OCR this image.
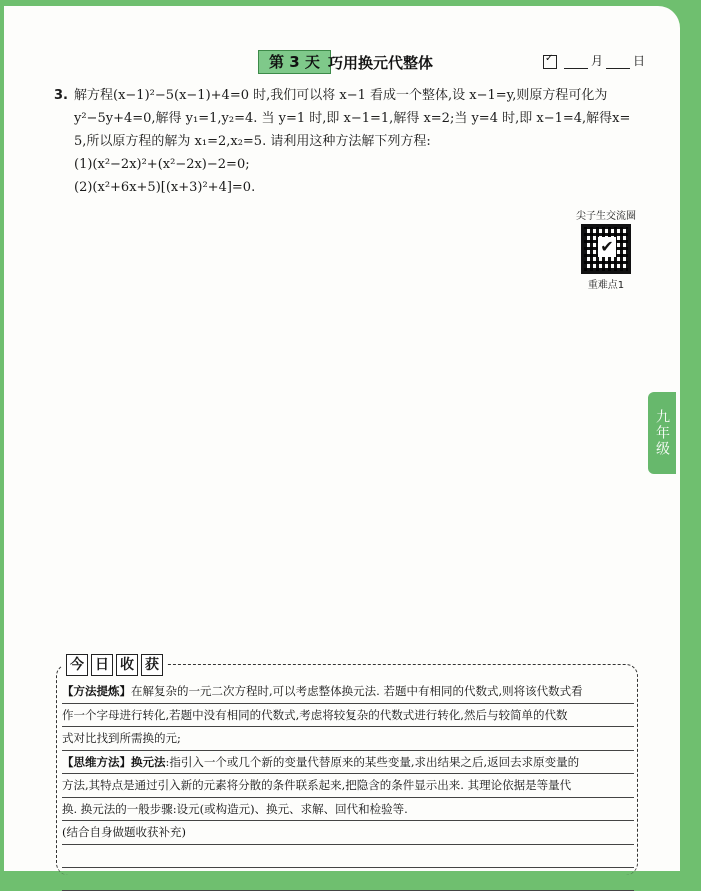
第 3 天 巧用换元代整体
✓	月	日
3. 解方程(x−1)²−5(x−1)+4=0 时,我们可以将 x−1 看成一个整体,设 x−1=y,则原方程可化为
y²−5y+4=0,解得 y₁=1,y₂=4. 当 y=1 时,即 x−1=1,解得 x=2;当 y=4 时,即 x−1=4,解得x=
5,所以原方程的解为 x₁=2,x₂=5. 请利用这种方法解下列方程:
(1)(x²−2x)²+(x²−2x)−2=0;
(2)(x²+6x+5)[(x+3)²+4]=0.
尖子生交流圈
✔
重难点1
九年级
今 日 收 获
【方法提炼】在解复杂的一元二次方程时,可以考虑整体换元法. 若题中有相同的代数式,则将该代数式看
作一个字母进行转化,若题中没有相同的代数式,考虑将较复杂的代数式进行转化,然后与较简单的代数
式对比找到所需换的元;
【思维方法】换元法:指引入一个或几个新的变量代替原来的某些变量,求出结果之后,返回去求原变量的
方法,其特点是通过引入新的元素将分散的条件联系起来,把隐含的条件显示出来. 其理论依据是等量代
换. 换元法的一般步骤:设元(或构造元)、换元、求解、回代和检验等.
(结合自身做题收获补充)
